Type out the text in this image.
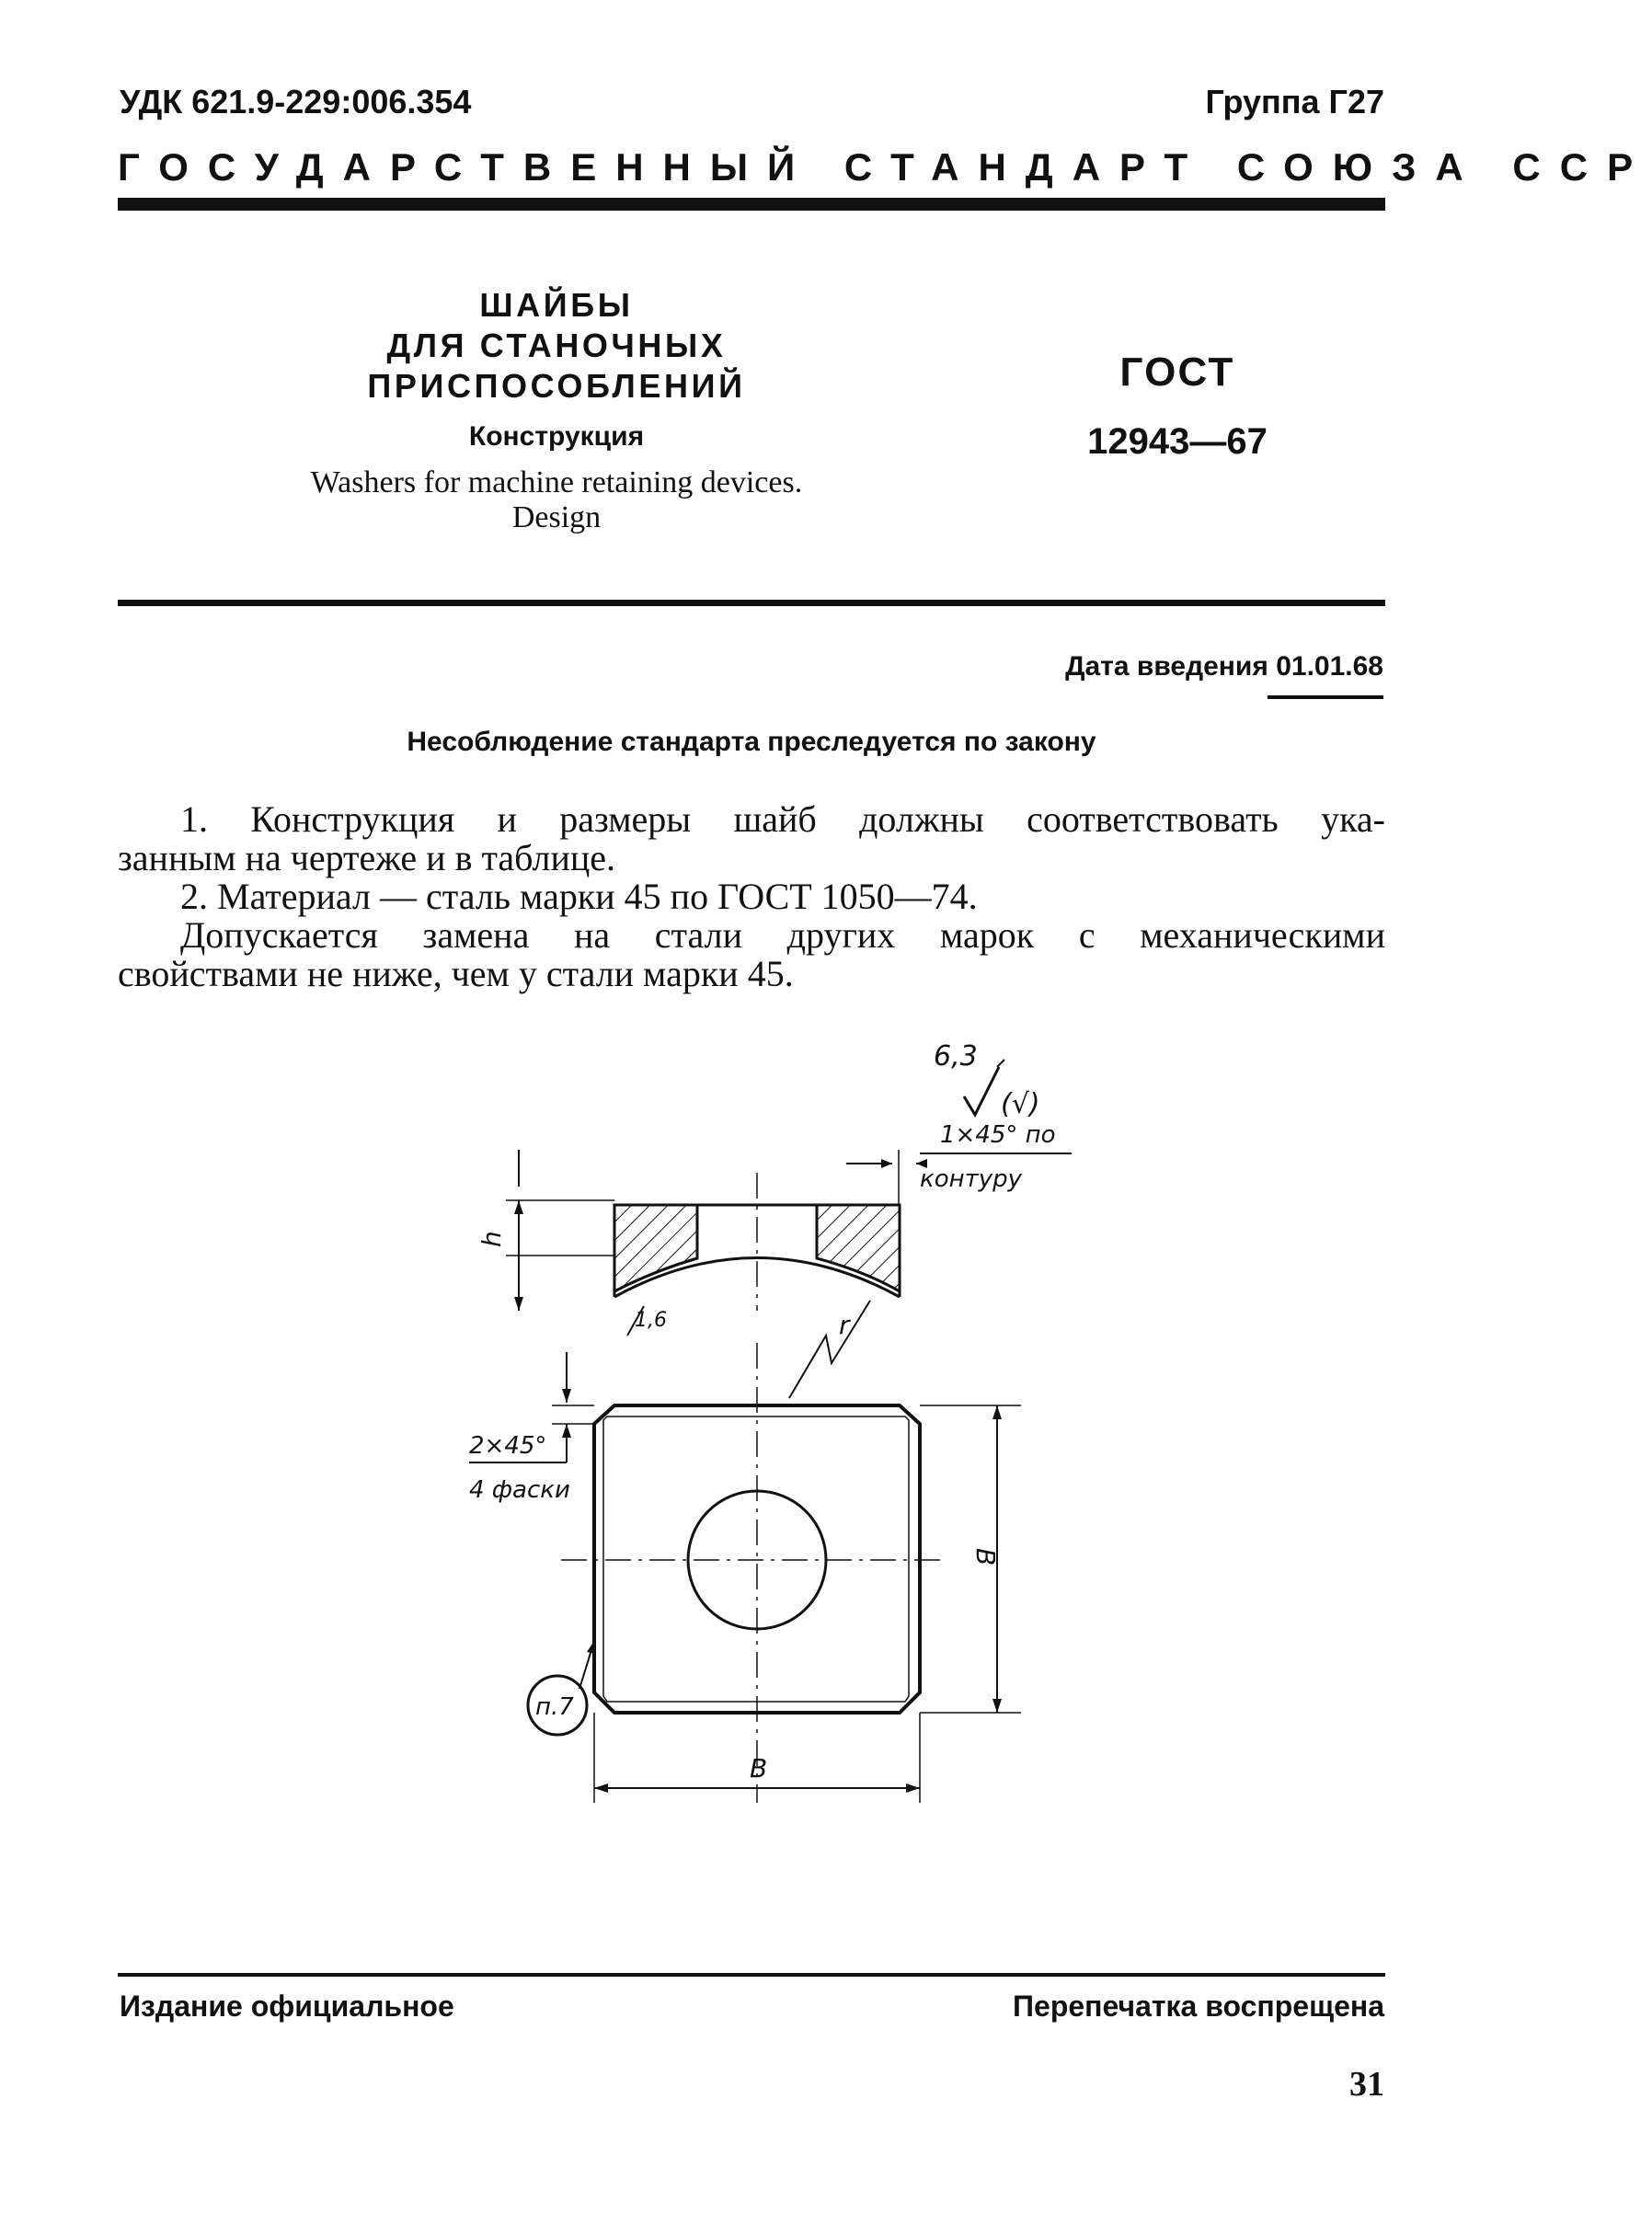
УДК 621.9-229:006.354	Группа Г27
ГОСУДАРСТВЕННЫЙ СТАНДАРТ СОЮЗА ССР
ШАЙБЫ
ДЛЯ СТАНОЧНЫХ
ПРИСПОСОБЛЕНИЙ
Конструкция
Washers for machine retaining devices.
Design
ГОСТ
12943—67
Дата введения 01.01.68
Несоблюдение стандарта преследуется по закону

1. Конструкция и размеры шайб должны соответствовать ука-

занным на чертеже и в таблице.

2. Материал — сталь марки 45 по ГОСТ 1050—74.

Допускается замена на стали других марок с механическими

свойствами не ниже, чем у стали марки 45.

6,3
(√)
1×45° по
контуру
h
1,6	r
2×45°
4 фаски
B
B
п.7
Издание официальное	Перепечатка воспрещена
31
